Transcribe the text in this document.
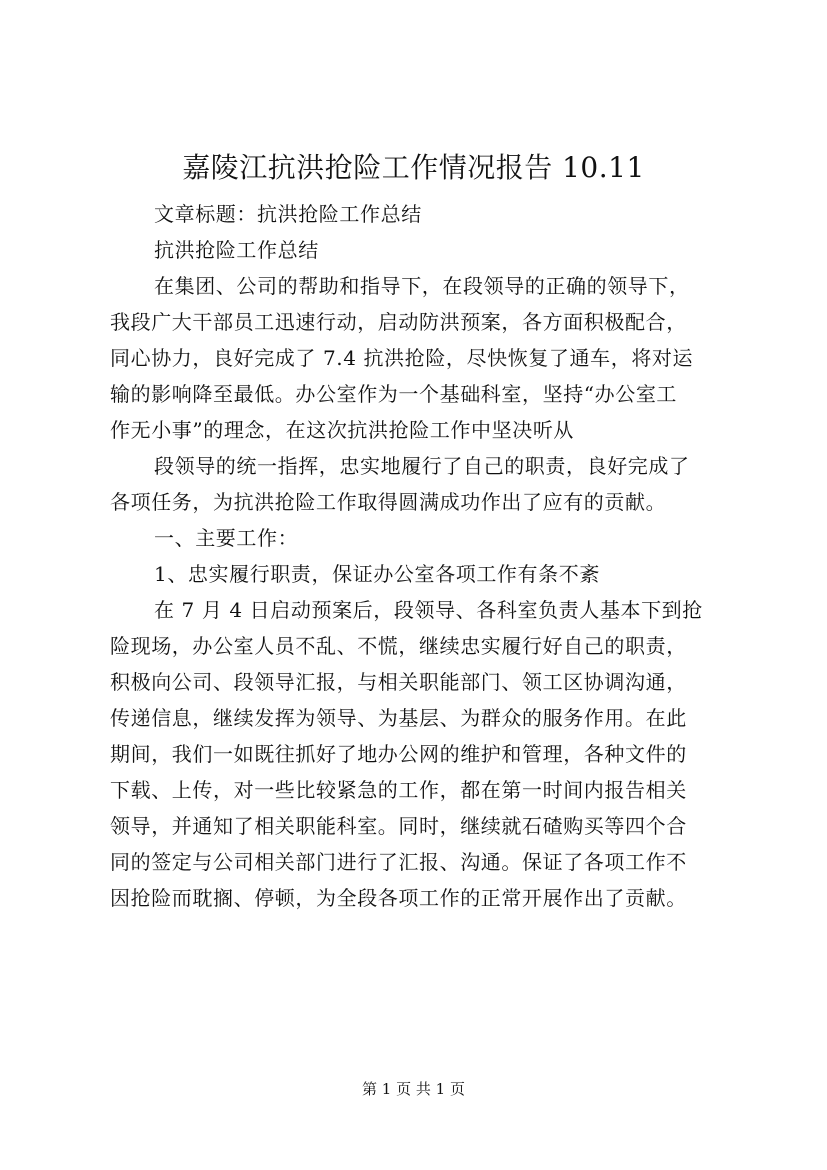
嘉陵江抗洪抢险工作情况报告 10.11
文章标题：抗洪抢险工作总结
抗洪抢险工作总结
在集团、公司的帮助和指导下，在段领导的正确的领导下，
我段广大干部员工迅速行动，启动防洪预案，各方面积极配合，
同心协力，良好完成了 7.4 抗洪抢险，尽快恢复了通车，将对运
输的影响降至最低。办公室作为一个基础科室，坚持“办公室工
作无小事”的理念，在这次抗洪抢险工作中坚决听从
段领导的统一指挥，忠实地履行了自己的职责，良好完成了
各项任务，为抗洪抢险工作取得圆满成功作出了应有的贡献。
一、主要工作：
1、忠实履行职责，保证办公室各项工作有条不紊
在 7 月 4 日启动预案后，段领导、各科室负责人基本下到抢
险现场，办公室人员不乱、不慌，继续忠实履行好自己的职责，
积极向公司、段领导汇报，与相关职能部门、领工区协调沟通，
传递信息，继续发挥为领导、为基层、为群众的服务作用。在此
期间，我们一如既往抓好了地办公网的维护和管理，各种文件的
下载、上传，对一些比较紧急的工作，都在第一时间内报告相关
领导，并通知了相关职能科室。同时，继续就石碴购买等四个合
同的签定与公司相关部门进行了汇报、沟通。保证了各项工作不
因抢险而耽搁、停顿，为全段各项工作的正常开展作出了贡献。
第 1 页 共 1 页
